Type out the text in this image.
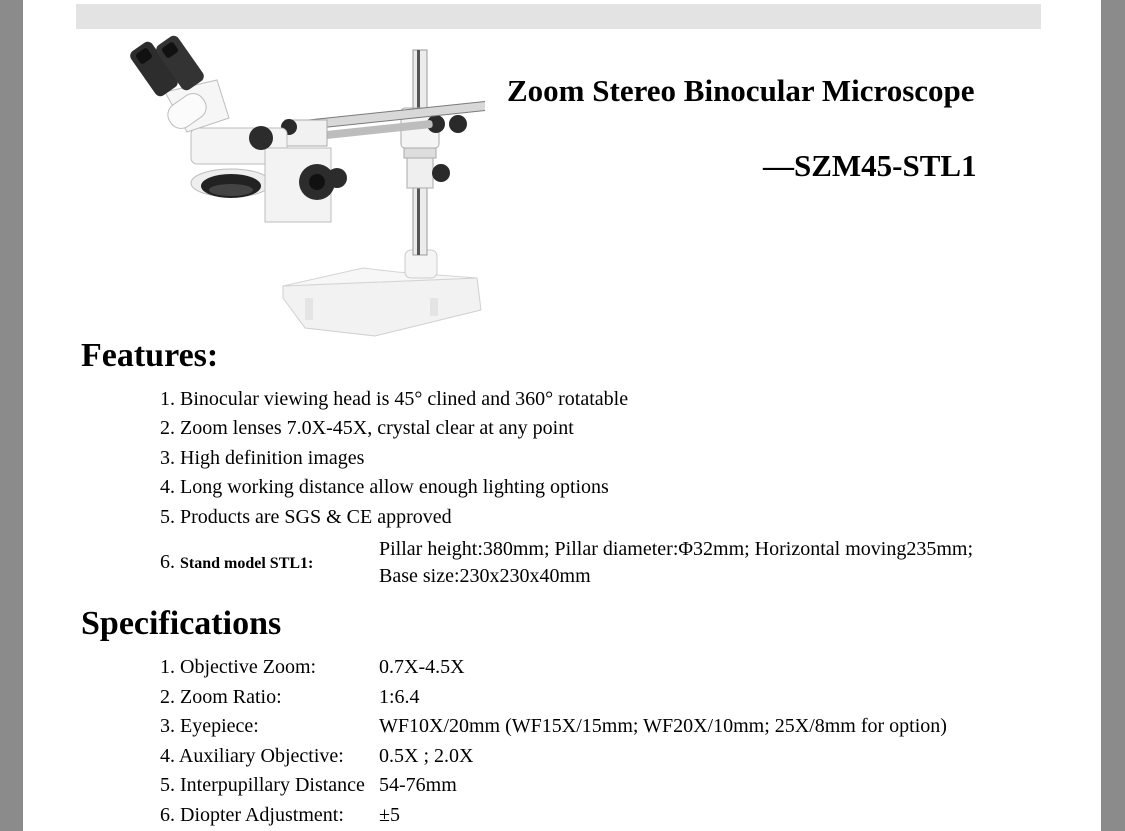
Zoom Stereo Binocular Microscope
—SZM45-STL1
Features:
1. Binocular viewing head is 45° clined and 360° rotatable
2. Zoom lenses 7.0X-45X, crystal clear at any point
3. High definition images
4. Long working distance allow enough lighting options
5. Products are SGS & CE approved
6. Stand model STL1:
Pillar height:380mm; Pillar diameter:Φ32mm; Horizontal moving235mm;
Base size:230x230x40mm
Specifications
1. Objective Zoom:	0.7X-4.5X
2. Zoom Ratio:	1:6.4
3. Eyepiece:	WF10X/20mm (WF15X/15mm; WF20X/10mm; 25X/8mm for option)
4. Auxiliary Objective:	0.5X ; 2.0X
5. Interpupillary Distance 54-76mm
6. Diopter Adjustment:	±5
